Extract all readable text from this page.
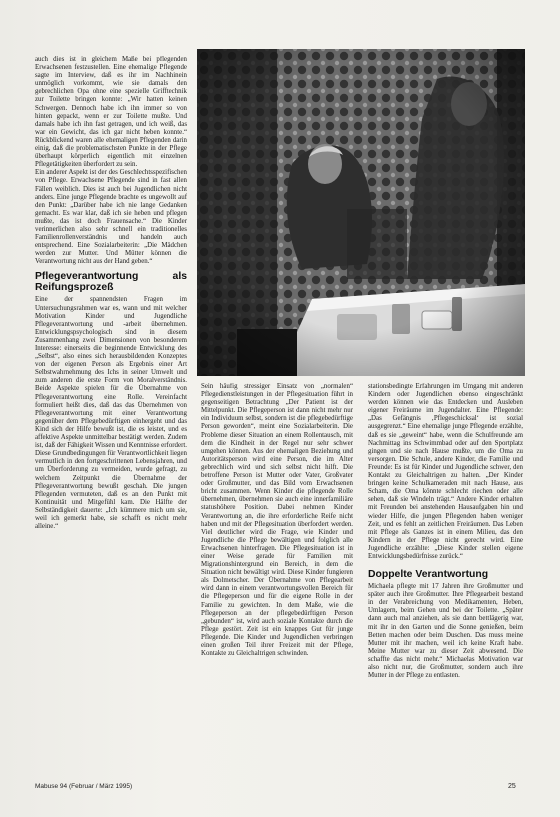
auch dies ist in gleichem Maße bei pflegenden Erwachsenen festzustellen. Eine ehemalige Pflegende sagte im Interview, daß es ihr im Nachhinein unmöglich vorkommt, wie sie damals den gebrechlichen Opa ohne eine spezielle Grifftechnik zur Toilette bringen konnte: „Wir hatten keinen Schwergen. Dennoch habe ich ihn immer so von hinten gepackt, wenn er zur Toilette mußte. Und damals habe ich ihn fast getragen, und ich weiß, das war ein Gewicht, das ich gar nicht heben konnte.“ Rückblickend waren alle ehemaligen Pflegenden darin einig, daß die problematischsten Punkte in der Pflege überhaupt körperlich eigentlich mit einzelnen Pflegetätigkeiten überfordert zu sein.

Ein anderer Aspekt ist der des Geschlechtsspezifischen von Pflege. Erwachsene Pflegende sind in fast allen Fällen weiblich. Dies ist auch bei Jugendlichen nicht anders. Eine junge Pflegende brachte es ungewollt auf den Punkt: „Darüber habe ich nie lange Gedanken gemacht. Es war klar, daß ich sie heben und pflegen mußte, das ist doch Frauensache.“ Die Kinder verinnerlichen also sehr schnell ein traditionelles Familienrollenverständnis und handeln auch entsprechend. Eine Sozialarbeiterin: „Die Mädchen werden zur Mutter. Und Mütter können die Verantwortung nicht aus der Hand geben.“

Pflegeverantwortung als Reifungsprozeß

Eine der spannendsten Fragen im Untersuchungsrahmen war es, wann und mit welcher Motivation Kinder und Jugendliche Pflegeverantwortung und -arbeit übernehmen. Entwicklungspsychologisch sind in diesem Zusammenhang zwei Dimensionen von besonderem Interesse: einerseits die beginnende Entwicklung des „Selbst“, also eines sich herausbildenden Konzeptes von der eigenen Person als Ergebnis einer Art Selbstwahrnehmung des Ichs in seiner Umwelt und zum anderen die erste Form von Moralverständnis. Beide Aspekte spielen für die Übernahme von Pflegeverantwortung eine Rolle. Vereinfacht formuliert heißt dies, daß das das Übernehmen von Pflegeverantwortung mit einer Verantwortung gegenüber dem Pflegebedürftigen einhergeht und das Kind sich der Hilfe bewußt ist, die es leistet, und es affektive Aspekte unmittelbar bestätigt werden. Zudem ist, daß der Fähigkeit Wissen und Kenntnisse erfordert. Diese Grundbedingungen für Verantwortlichkeit liegen vermutlich in den fortgeschrittenen Lebensjahren, und um Überforderung zu vermeiden, wurde gefragt, zu welchem Zeitpunkt die Übernahme der Pflegeverantwortung bewußt geschah. Die jungen Pflegenden vermuteten, daß es an den Punkt mit Kontinuität und Mitgefühl kam. Die Hälfte der Selbständigkeit dauerte: „Ich kümmere mich um sie, weil ich gemerkt habe, sie schafft es nicht mehr alleine.“

Sein häufig stressiger Einsatz von „normalen“ Pflegedienstleistungen in der Pflegesituation führt in gegenseitigen Betrachtung „Der Patient ist der Mittelpunkt. Die Pflegeperson ist dann nicht mehr nur ein Individuum selbst, sondern ist die pflegebedürftige Person geworden“, meint eine Sozialarbeiterin. Die Probleme dieser Situation an einem Rollentausch, mit dem die Kindheit in der Regel nur sehr schwer umgehen können. Aus der ehemaligen Beziehung und Autoritätsperson wird eine Person, die im Alter gebrechlich wird und sich selbst nicht hilft. Die betroffene Person ist Mutter oder Vater, Großvater oder Großmutter, und das Bild vom Erwachsenen bricht zusammen. Wenn Kinder die pflegende Rolle übernehmen, übernehmen sie auch eine innerfamiliäre statushöhere Position. Dabei nehmen Kinder Verantwortung an, die ihre erforderliche Reife nicht haben und mit der Pflegesituation überfordert werden. Viel deutlicher wird die Frage, wie Kinder und Jugendliche die Pflege bewältigen und folglich alle Erwachsenen hinterfragen. Die Pflegesituation ist in einer Weise gerade für Familien mit Migrationshintergrund ein Bereich, in dem die Situation nicht bewältigt wird. Diese Kinder fungieren als Dolmetscher. Der Übernahme von Pflegearbeit wird dann in einem verantwortungsvollen Bereich für die Pflegeperson und für die eigene Rolle in der Familie zu gewichten. In dem Maße, wie die Pflegeperson an der pflegebedürftigen Person „gebunden“ ist, wird auch soziale Kontakte durch die Pflege gestört. Zeit ist ein knappes Gut für junge Pflegende. Die Kinder und Jugendlichen verbringen einen großen Teil ihrer Freizeit mit der Pflege, Kontakte zu Gleichaltrigen schwinden.

stationsbedingte Erfahrungen im Umgang mit anderen Kindern oder Jugendlichen ebenso eingeschränkt werden können wie das Entdecken und Ausleben eigener Freiräume im Jugendalter. Eine Pflegende: „Das Gefängnis ‚Pflegeschicksal‘ ist sozial ausgegrenzt.“ Eine ehemalige junge Pflegende erzählte, daß es sie „geweint“ habe, wenn die Schulfreunde am Nachmittag ins Schwimmbad oder auf den Sportplatz gingen und sie nach Hause mußte, um die Oma zu versorgen. Die Schule, andere Kinder, die Familie und Freunde: Es ist für Kinder und Jugendliche schwer, den Kontakt zu Gleichaltrigen zu halten. „Der Kinder bringen keine Schulkameraden mit nach Hause, aus Scham, die Oma könnte schlecht riechen oder alle sehen, daß sie Windeln trägt.“ Andere Kinder erhalten mit Freunden bei anstehenden Hausaufgaben hin und wieder Hilfe, die jungen Pflegenden haben weniger Zeit, und es fehlt an zeitlichen Freiräumen. Das Leben mit Pflege als Ganzes ist in einem Milieu, das den Kindern in der Pflege nicht gerecht wird. Eine Jugendliche erzählte: „Diese Kinder stellen eigene Entwicklungsbedürfnisse zurück.“

Doppelte Verantwortung

Michaela pflegte mit 17 Jahren ihre Großmutter und später auch ihre Großmutter. Ihre Pflegearbeit bestand in der Verabreichung von Medikamenten, Heben, Umlagern, beim Gehen und bei der Toilette. „Später dann auch mal anziehen, als sie dann bettlägerig war, mit ihr in den Garten und die Sonne genießen, beim Betten machen oder beim Duschen. Das muss meine Mutter mit ihr machen, weil ich keine Kraft habe. Meine Mutter war zu dieser Zeit abwesend. Die schaffte das nicht mehr.“ Michaelas Motivation war also nicht nur, die Großmutter, sondern auch ihre Mutter in der Pflege zu entlasten.

Mabuse 94 (Februar / März 1995)	25
